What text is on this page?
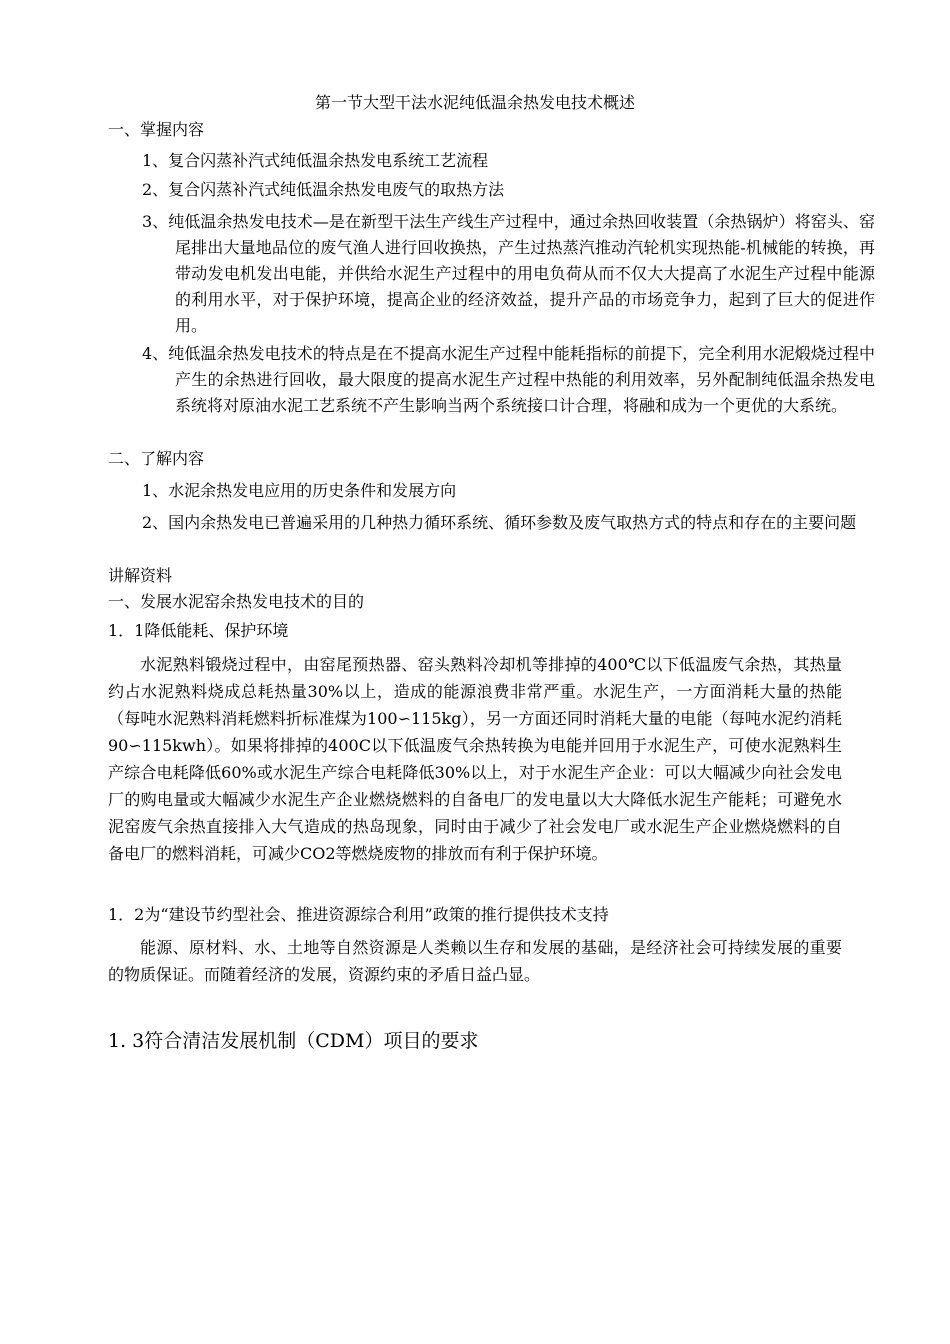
第一节大型干法水泥纯低温余热发电技术概述
一、掌握内容
1、复合闪蒸补汽式纯低温余热发电系统工艺流程
2、复合闪蒸补汽式纯低温余热发电废气的取热方法
3、纯低温余热发电技术—是在新型干法生产线生产过程中，通过余热回收装置（余热锅炉）将窑头、窑尾排出大量地品位的废气渔人进行回收换热，产生过热蒸汽推动汽轮机实现热能-机械能的转换，再带动发电机发出电能，并供给水泥生产过程中的用电负荷从而不仅大大提高了水泥生产过程中能源的利用水平，对于保护环境，提高企业的经济效益，提升产品的市场竞争力，起到了巨大的促进作用。
4、纯低温余热发电技术的特点是在不提高水泥生产过程中能耗指标的前提下，完全利用水泥煅烧过程中产生的余热进行回收，最大限度的提高水泥生产过程中热能的利用效率，另外配制纯低温余热发电系统将对原油水泥工艺系统不产生影响当两个系统接口计合理，将融和成为一个更优的大系统。
二、了解内容
1、水泥余热发电应用的历史条件和发展方向
2、国内余热发电已普遍采用的几种热力循环系统、循环参数及废气取热方式的特点和存在的主要问题
讲解资料
一、发展水泥窑余热发电技术的目的
1．1降低能耗、保护环境
水泥熟料锻烧过程中，由窑尾预热器、窑头熟料冷却机等排掉的400℃以下低温废气余热，其热量约占水泥熟料烧成总耗热量30%以上，造成的能源浪费非常严重。水泥生产，一方面消耗大量的热能（每吨水泥熟料消耗燃料折标准煤为100∽115kg），另一方面还同时消耗大量的电能（每吨水泥约消耗90∽115kwh）。如果将排掉的400C以下低温废气余热转换为电能并回用于水泥生产，可使水泥熟料生产综合电耗降低60%或水泥生产综合电耗降低30%以上，对于水泥生产企业：可以大幅减少向社会发电厂的购电量或大幅减少水泥生产企业燃烧燃料的自备电厂的发电量以大大降低水泥生产能耗；可避免水泥窑废气余热直接排入大气造成的热岛现象，同时由于减少了社会发电厂或水泥生产企业燃烧燃料的自备电厂的燃料消耗，可减少CO2等燃烧废物的排放而有利于保护环境。
1．2为“建设节约型社会、推进资源综合利用”政策的推行提供技术支持
能源、原材料、水、土地等自然资源是人类赖以生存和发展的基础，是经济社会可持续发展的重要的物质保证。而随着经济的发展，资源约束的矛盾日益凸显。
1. 3符合清洁发展机制（CDM）项目的要求
